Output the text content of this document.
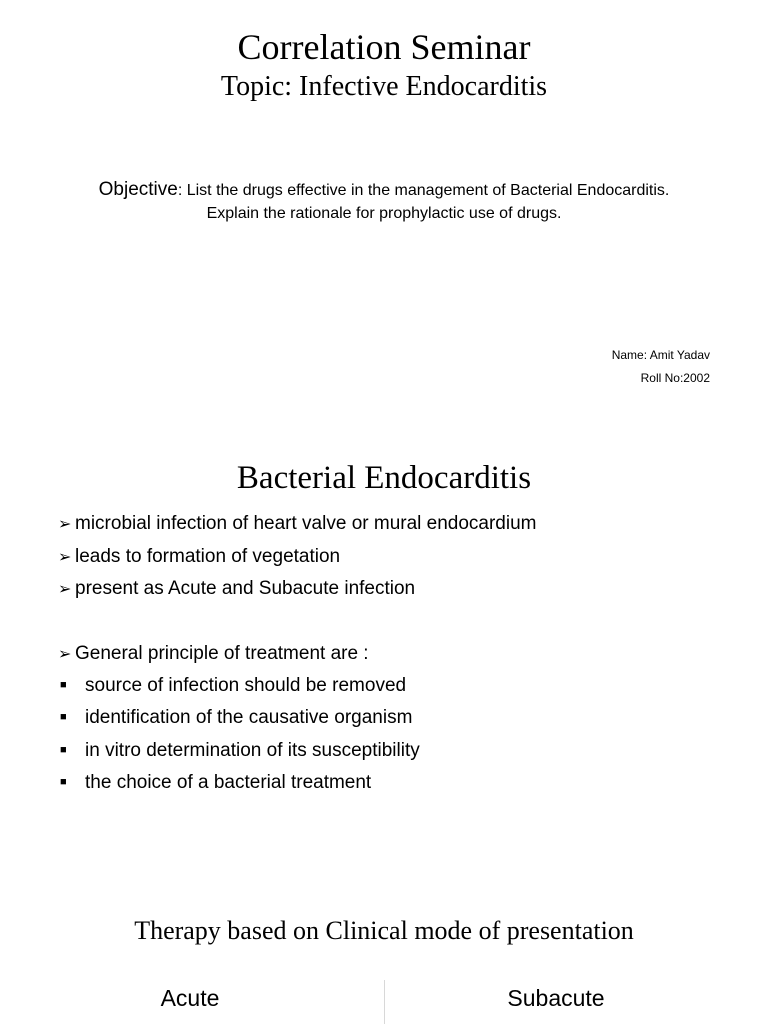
Correlation Seminar
Topic: Infective Endocarditis
Objective: List the drugs effective in the management of Bacterial Endocarditis. Explain the rationale for prophylactic use of drugs.
Name: Amit Yadav
Roll No:2002
Bacterial Endocarditis
➢ microbial infection of heart valve or mural endocardium
➢ leads to formation of vegetation
➢ present as Acute and Subacute infection
➢ General principle of treatment are :
■ source of infection should be removed
■ identification of the causative organism
■ in vitro determination of its susceptibility
■ the choice of a bacterial treatment
Therapy based on Clinical mode of presentation
Acute	Subacute
